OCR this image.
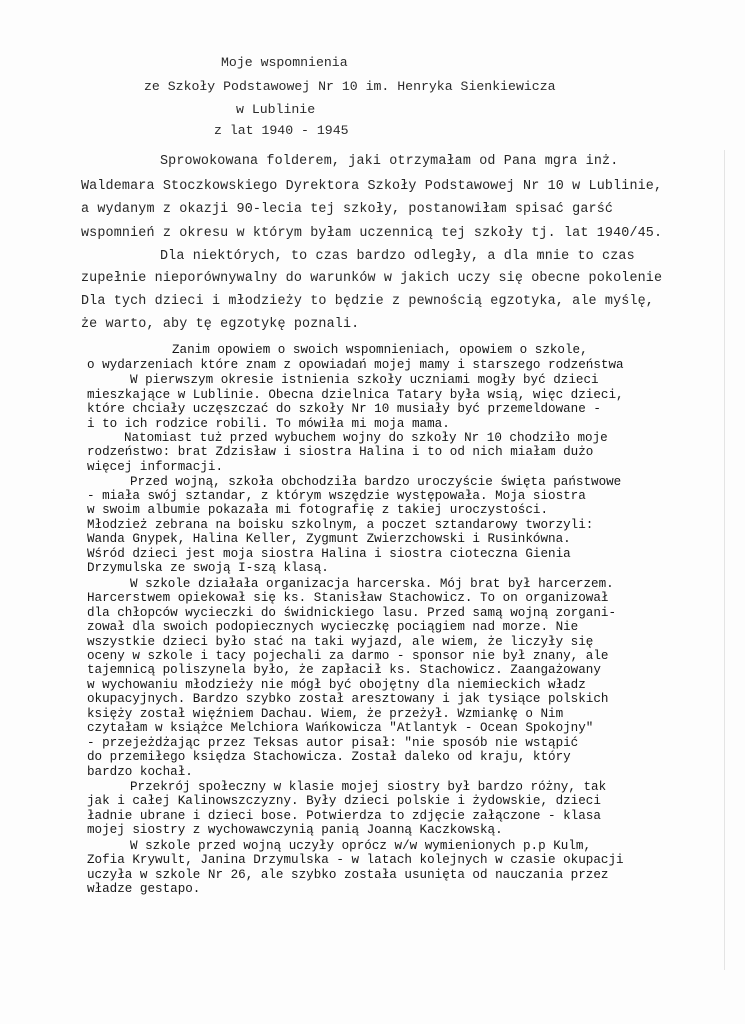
Moje wspomnienia
ze Szkoły Podstawowej Nr 10 im. Henryka Sienkiewicza
w Lublinie
z lat 1940 - 1945
Sprowokowana folderem, jaki otrzymałam od Pana mgra inż.
Waldemara Stoczkowskiego Dyrektora Szkoły Podstawowej Nr 10 w Lublinie,
a wydanym z okazji 90-lecia tej szkoły, postanowiłam spisać garść
wspomnień z okresu w którym byłam uczennicą tej szkoły tj. lat 1940/45.
Dla niektórych, to czas bardzo odległy, a dla mnie to czas
zupełnie nieporównywalny do warunków w jakich uczy się obecne pokolenie
Dla tych dzieci i młodzieży to będzie z pewnością egzotyka, ale myślę,
że warto, aby tę egzotykę poznali.
Zanim opowiem o swoich wspomnieniach, opowiem o szkole,
o wydarzeniach które znam z opowiadań mojej mamy i starszego rodzeństwa
W pierwszym okresie istnienia szkoły uczniami mogły być dzieci
mieszkające w Lublinie. Obecna dzielnica Tatary była wsią, więc dzieci,
które chciały uczęszczać do szkoły Nr 10 musiały być przemeldowane -
i to ich rodzice robili. To mówiła mi moja mama.
Natomiast tuż przed wybuchem wojny do szkoły Nr 10 chodziło moje
rodzeństwo: brat Zdzisław i siostra Halina i to od nich miałam dużo
więcej informacji.
Przed wojną, szkoła obchodziła bardzo uroczyście święta państwowe
- miała swój sztandar, z którym wszędzie występowała. Moja siostra
w swoim albumie pokazała mi fotografię z takiej uroczystości.
Młodzież zebrana na boisku szkolnym, a poczet sztandarowy tworzyli:
Wanda Gnypek, Halina Keller, Zygmunt Zwierzchowski i Rusinkówna.
Wśród dzieci jest moja siostra Halina i siostra cioteczna Gienia
Drzymulska ze swoją I-szą klasą.
W szkole działała organizacja harcerska. Mój brat był harcerzem.
Harcerstwem opiekował się ks. Stanisław Stachowicz. To on organizował
dla chłopców wycieczki do świdnickiego lasu. Przed samą wojną zorgani-
zował dla swoich podopiecznych wycieczkę pociągiem nad morze. Nie
wszystkie dzieci było stać na taki wyjazd, ale wiem, że liczyły się
oceny w szkole i tacy pojechali za darmo - sponsor nie był znany, ale
tajemnicą poliszynela było, że zapłacił ks. Stachowicz. Zaangażowany
w wychowaniu młodzieży nie mógł być obojętny dla niemieckich władz
okupacyjnych. Bardzo szybko został aresztowany i jak tysiące polskich
księży został więźniem Dachau. Wiem, że przeżył. Wzmiankę o Nim
czytałam w książce Melchiora Wańkowicza "Atlantyk - Ocean Spokojny"
- przejeżdżając przez Teksas autor pisał: "nie sposób nie wstąpić
do przemiłego księdza Stachowicza. Został daleko od kraju, który
bardzo kochał.
Przekrój społeczny w klasie mojej siostry był bardzo różny, tak
jak i całej Kalinowszczyzny. Były dzieci polskie i żydowskie, dzieci
ładnie ubrane i dzieci bose. Potwierdza to zdjęcie załączone - klasa
mojej siostry z wychowawczynią panią Joanną Kaczkowską.
W szkole przed wojną uczyły oprócz w/w wymienionych p.p Kulm,
Zofia Krywult, Janina Drzymulska - w latach kolejnych w czasie okupacji
uczyła w szkole Nr 26, ale szybko została usunięta od nauczania przez
władze gestapo.
